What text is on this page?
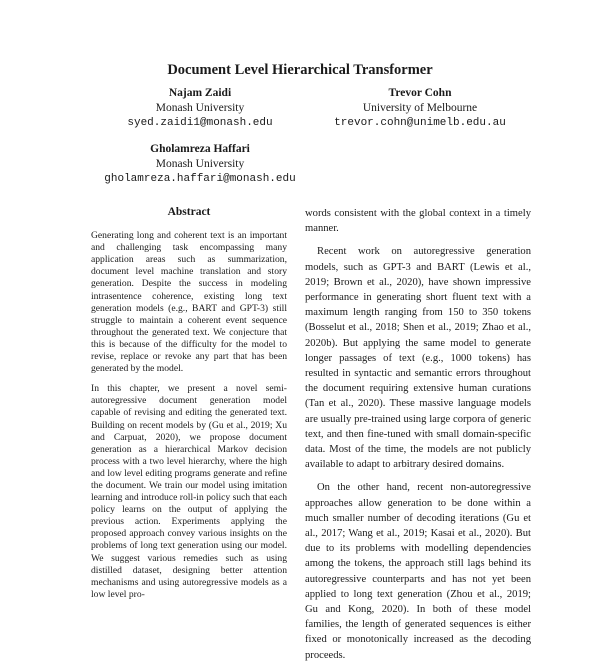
Document Level Hierarchical Transformer
Najam Zaidi
Monash University
syed.zaidi1@monash.edu
Trevor Cohn
University of Melbourne
trevor.cohn@unimelb.edu.au
Gholamreza Haffari
Monash University
gholamreza.haffari@monash.edu
Abstract

Generating long and coherent text is an important and challenging task encompassing many application areas such as summarization, document level machine translation and story generation. Despite the success in modeling intrasentence coherence, existing long text generation models (e.g., BART and GPT-3) still struggle to maintain a coherent event sequence throughout the generated text. We conjecture that this is because of the difficulty for the model to revise, replace or revoke any part that has been generated by the model.

In this chapter, we present a novel semi-autoregressive document generation model capable of revising and editing the generated text. Building on recent models by (Gu et al., 2019; Xu and Carpuat, 2020), we propose document generation as a hierarchical Markov decision process with a two level hierarchy, where the high and low level editing programs generate and refine the document. We train our model using imitation learning and introduce roll-in policy such that each policy learns on the output of applying the previous action. Experiments applying the proposed approach convey various insights on the problems of long text generation using our model. We suggest various remedies such as using distilled dataset, designing better attention mechanisms and using autoregressive models as a low level pro-

words consistent with the global context in a timely manner.

Recent work on autoregressive generation models, such as GPT-3 and BART (Lewis et al., 2019; Brown et al., 2020), have shown impressive performance in generating short fluent text with a maximum length ranging from 150 to 350 tokens (Bosselut et al., 2018; Shen et al., 2019; Zhao et al., 2020b). But applying the same model to generate longer passages of text (e.g., 1000 tokens) has resulted in syntactic and semantic errors throughout the document requiring extensive human curations (Tan et al., 2020). These massive language models are usually pre-trained using large corpora of generic text, and then fine-tuned with small domain-specific data. Most of the time, the models are not publicly available to adapt to arbitrary desired domains.

On the other hand, recent non-autoregressive approaches allow generation to be done within a much smaller number of decoding iterations (Gu et al., 2017; Wang et al., 2019; Kasai et al., 2020). But due to its problems with modelling dependencies among the tokens, the approach still lags behind its autoregressive counterparts and has not yet been applied to long text generation (Zhou et al., 2019; Gu and Kong, 2020). In both of these model families, the length of generated sequences is either fixed or monotonically increased as the decoding proceeds.
